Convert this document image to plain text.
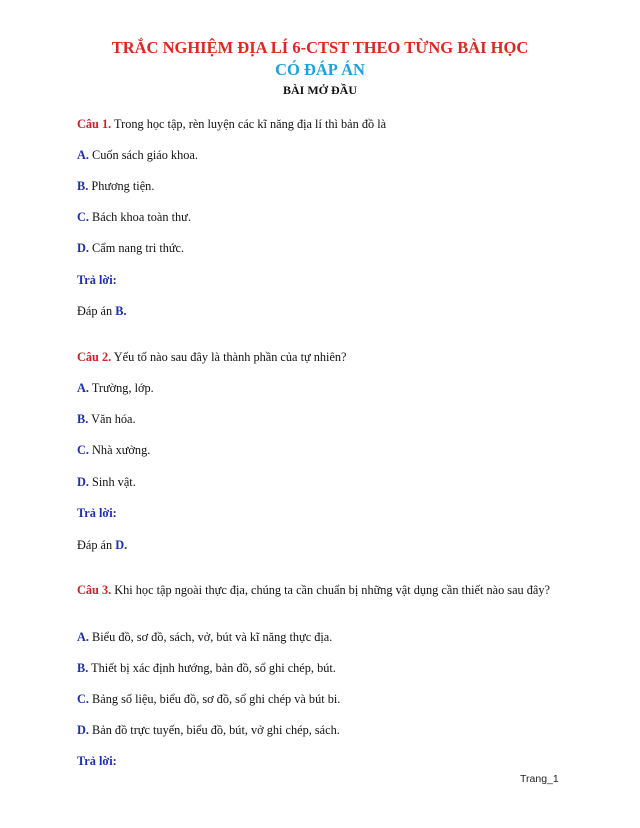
TRẮC NGHIỆM ĐỊA LÍ 6-CTST THEO TỪNG BÀI HỌC
CÓ ĐÁP ÁN
BÀI MỞ ĐẦU
Câu 1. Trong học tập, rèn luyện các kĩ năng địa lí thì bản đồ là
A. Cuốn sách giáo khoa.
B. Phương tiện.
C. Bách khoa toàn thư.
D. Cẩm nang tri thức.
Trả lời:
Đáp án B.
Câu 2. Yếu tố nào sau đây là thành phần của tự nhiên?
A. Trường, lớp.
B. Văn hóa.
C. Nhà xưởng.
D. Sinh vật.
Trả lời:
Đáp án D.
Câu 3. Khi học tập ngoài thực địa, chúng ta cần chuẩn bị những vật dụng cần thiết nào sau đây?
A. Biểu đồ, sơ đồ, sách, vở, bút và kĩ năng thực địa.
B. Thiết bị xác định hướng, bản đồ, sổ ghi chép, bút.
C. Bảng số liệu, biểu đồ, sơ đồ, sổ ghi chép và bút bi.
D. Bản đồ trực tuyến, biểu đồ, bút, vở ghi chép, sách.
Trả lời:
Trang_1
